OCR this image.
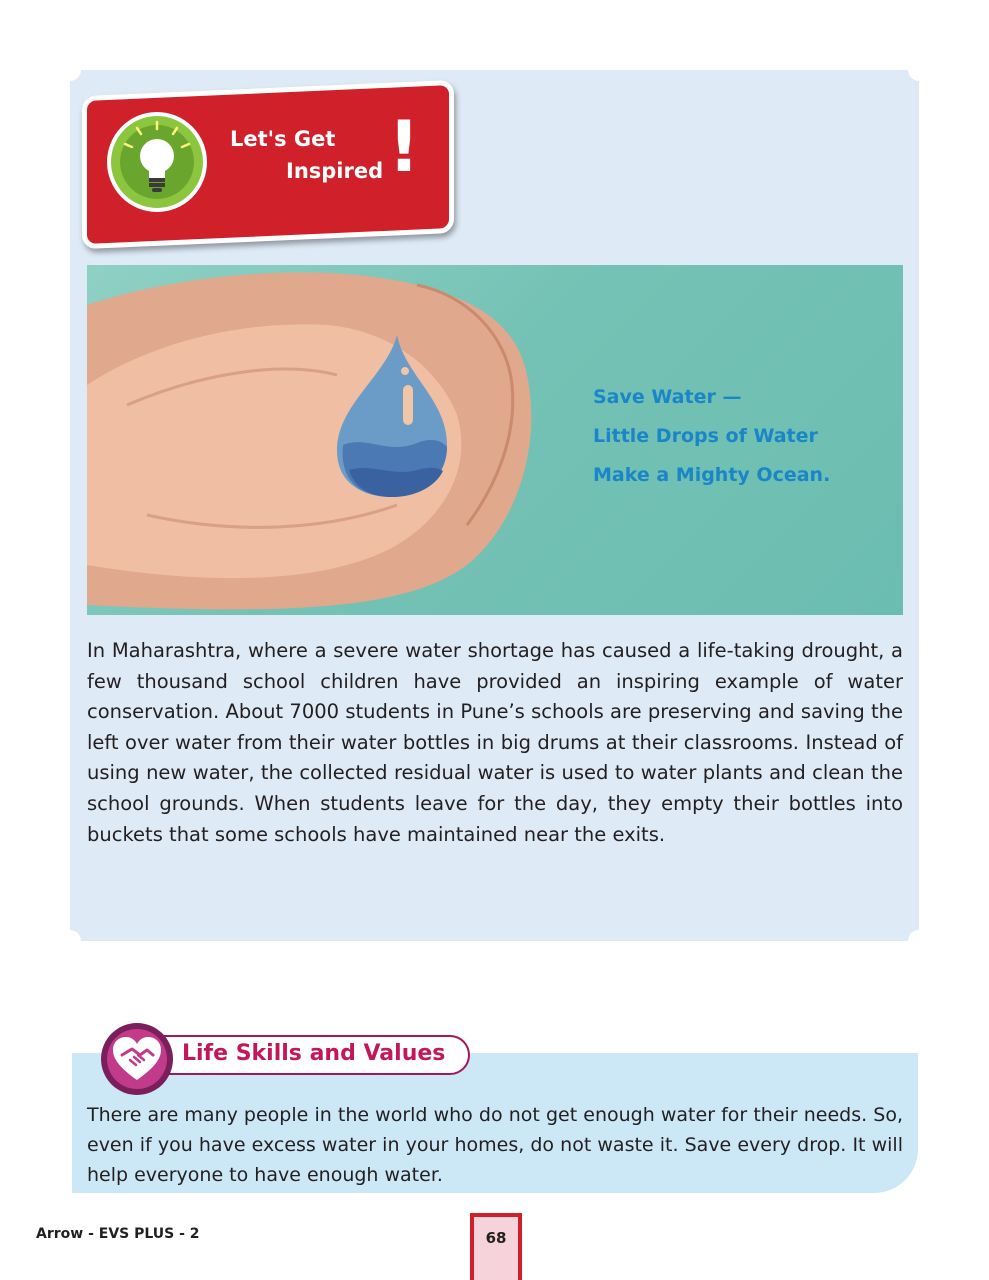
Let's Get
Inspired !
Save Water —
Little Drops of Water
Make a Mighty Ocean.

In Maharashtra, where a severe water shortage has caused a life-taking drought, a few thousand school children have provided an inspiring example of water conservation. About 7000 students in Pune’s schools are preserving and saving the left over water from their water bottles in big drums at their classrooms. Instead of using new water, the collected residual water is used to water plants and clean the school grounds. When students leave for the day, they empty their bottles into buckets that some schools have maintained near the exits.

Life Skills and Values

There are many people in the world who do not get enough water for their needs. So, even if you have excess water in your homes, do not waste it. Save every drop. It will help everyone to have enough water.

Arrow - EVS PLUS - 2	68
